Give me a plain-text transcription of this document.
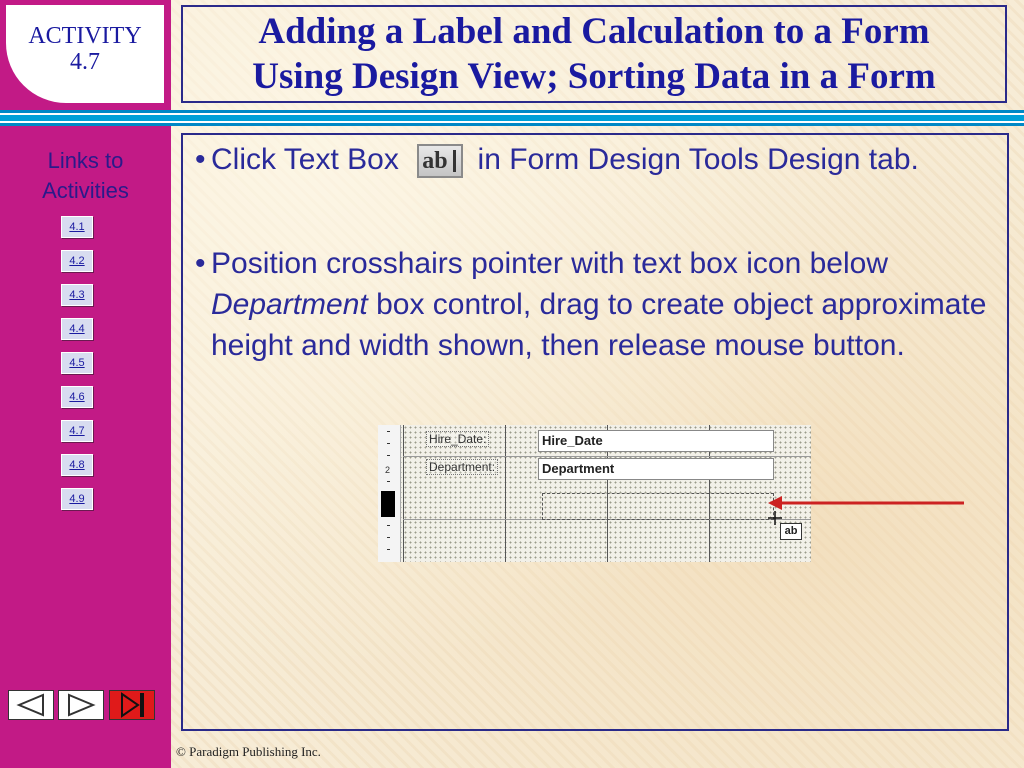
ACTIVITY
4.7
Links to
Activities
4.1
4.2
4.3
4.4
4.5
4.6
4.7
4.8
4.9
Adding a Label and Calculation to a Form
Using Design View; Sorting Data in a Form
• Click Text Box ab in Form Design Tools Design tab.
• Position crosshairs pointer with text box icon below Department box control, drag to create object approximate height and width shown, then release mouse button.
2
Hire_Date:	Hire_Date
Department:	Department
ab
© Paradigm Publishing Inc.
